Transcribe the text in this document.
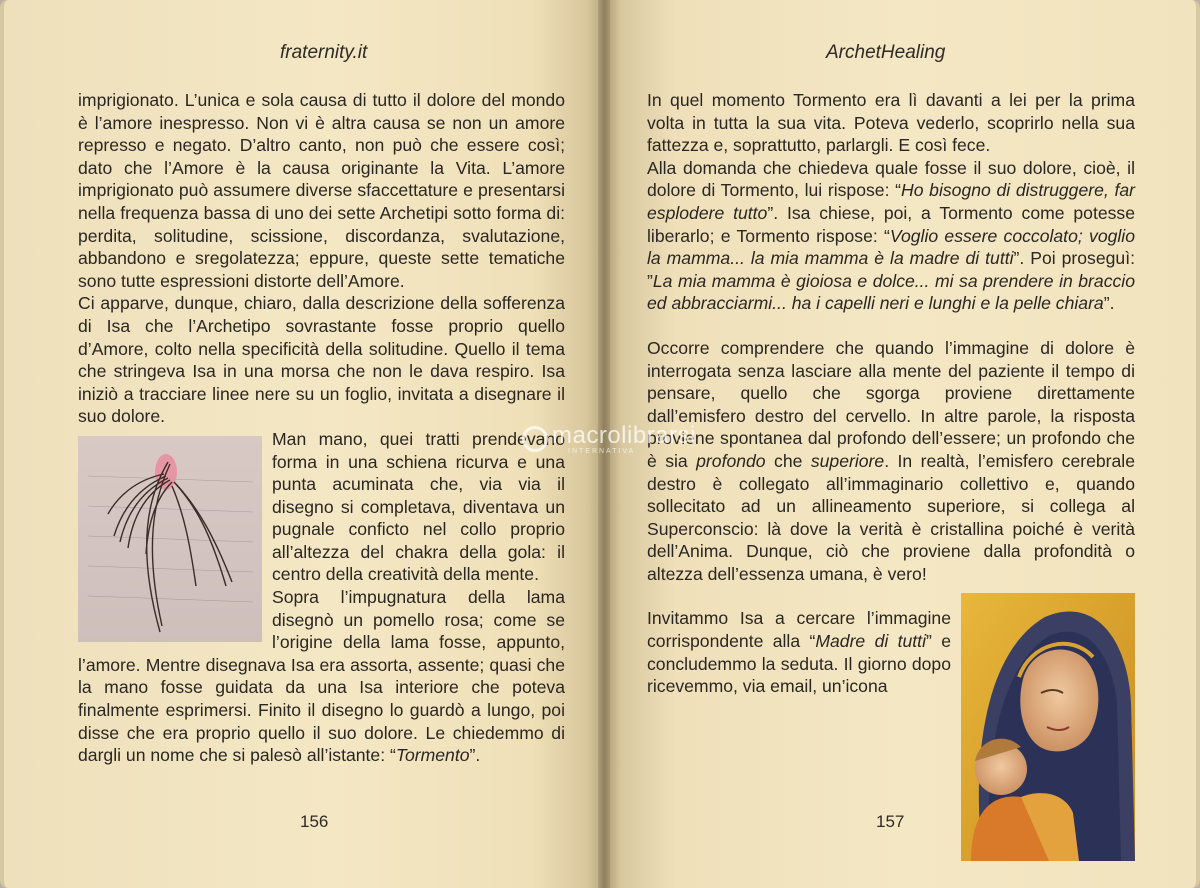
fraternity.it

imprigionato. L’unica e sola causa di tutto il dolore del mondo è l’amore inespresso. Non vi è altra causa se non un amore represso e negato. D’altro canto, non può che essere così; dato che l’Amore è la causa originante la Vita. L’amore imprigionato può assumere diverse sfaccettature e presentarsi nella frequenza bassa di uno dei sette Archetipi sotto forma di: perdita, solitudine, scissione, discordanza, svalutazione, abbandono e sregolatezza; eppure, queste sette tematiche sono tutte espressioni distorte dell’Amore.

Ci apparve, dunque, chiaro, dalla descrizione della sofferenza di Isa che l’Archetipo sovrastante fosse proprio quello d’Amore, colto nella specificità della solitudine. Quello il tema che stringeva Isa in una morsa che non le dava respiro. Isa iniziò a tracciare linee nere su un foglio, invitata a disegnare il suo dolore.

Man mano, quei tratti prendevano forma in una schiena ricurva e una punta acuminata che, via via il disegno si completava, diventava un pugnale conficto nel collo proprio all’altezza del chakra della gola: il centro della creatività della mente.

Sopra l’impugnatura della lama disegnò un pomello rosa; come se l’origine della lama fosse, appunto, l’amore. Mentre disegnava Isa era assorta, assente; quasi che la mano fosse guidata da una Isa interiore che poteva finalmente esprimersi. Finito il disegno lo guardò a lungo, poi disse che era proprio quello il suo dolore. Le chiedemmo di dargli un nome che si palesò all’istante: “Tormento”.

156
ArchetHealing

In quel momento Tormento era lì davanti a lei per la prima volta in tutta la sua vita. Poteva vederlo, scoprirlo nella sua fattezza e, soprattutto, parlargli. E così fece.

Alla domanda che chiedeva quale fosse il suo dolore, cioè, il dolore di Tormento, lui rispose: “Ho bisogno di distruggere, far esplodere tutto”. Isa chiese, poi, a Tormento come potesse liberarlo; e Tormento rispose: “Voglio essere coccolato; voglio la mamma... la mia mamma è la madre di tutti”. Poi proseguì: ”La mia mamma è gioiosa e dolce... mi sa prendere in braccio ed abbracciarmi... ha i capelli neri e lunghi e la pelle chiara”.

Occorre comprendere che quando l’immagine di dolore è interrogata senza lasciare alla mente del paziente il tempo di pensare, quello che sgorga proviene direttamente dall’emisfero destro del cervello. In altre parole, la risposta proviene spontanea dal profondo dell’essere; un profondo che è sia profondo che superiore. In realtà, l’emisfero cerebrale destro è collegato all’immaginario collettivo e, quando sollecitato ad un allineamento superiore, si collega al Superconscio: là dove la verità è cristallina poiché è verità dell’Anima. Dunque, ciò che proviene dalla profondità o altezza dell’essenza umana, è vero!

Invitammo Isa a cercare l’immagine corrispondente alla “Madre di tutti” e concludemmo la seduta. Il giorno dopo ricevemmo, via email, un’icona

157
macrolibrarsi
INTERNATIVA
